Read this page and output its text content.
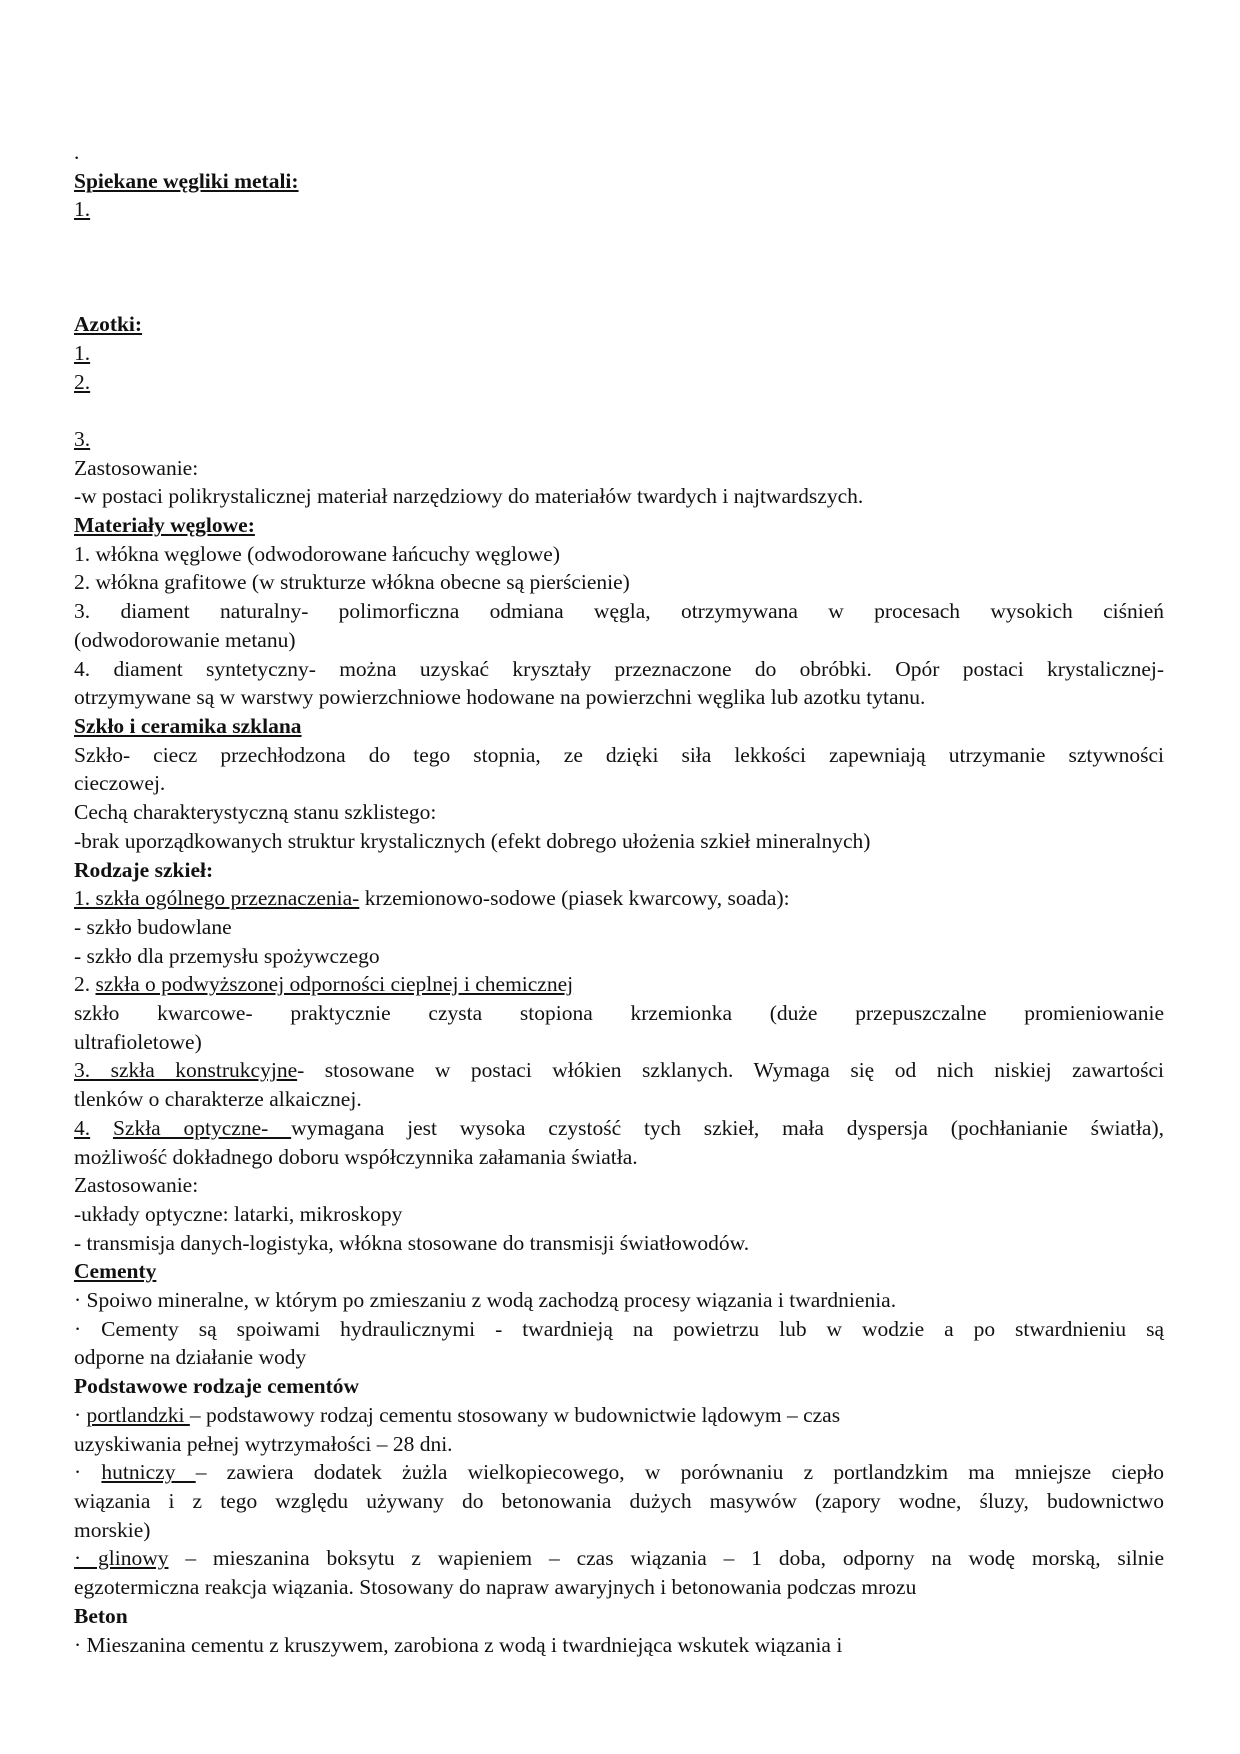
.
Spiekane węgliki metali:
1.
Azotki:
1.
2.
3.
Zastosowanie:
-w postaci polikrystalicznej materiał narzędziowy do materiałów twardych i najtwardszych.
Materiały węglowe:
1. włókna węglowe (odwodorowane łańcuchy węglowe)
2. włókna grafitowe (w strukturze włókna obecne są pierścienie)
3. diament naturalny- polimorficzna odmiana węgla, otrzymywana w procesach wysokich ciśnień
(odwodorowanie metanu)
4. diament syntetyczny- można uzyskać kryształy przeznaczone do obróbki. Opór postaci krystalicznej-
otrzymywane są w warstwy powierzchniowe hodowane na powierzchni węglika lub azotku tytanu.
Szkło i ceramika szklana
Szkło- ciecz przechłodzona do tego stopnia, ze dzięki siła lekkości zapewniają utrzymanie sztywności
cieczowej.
Cechą charakterystyczną stanu szklistego:
-brak uporządkowanych struktur krystalicznych (efekt dobrego ułożenia szkieł mineralnych)
Rodzaje szkieł:
1. szkła ogólnego przeznaczenia- krzemionowo-sodowe (piasek kwarcowy, soada):
- szkło budowlane
- szkło dla przemysłu spożywczego
2. szkła o podwyższonej odporności cieplnej i chemicznej
szkło kwarcowe- praktycznie czysta stopiona krzemionka (duże przepuszczalne promieniowanie
ultrafioletowe)
3. szkła konstrukcyjne- stosowane w postaci włókien szklanych. Wymaga się od nich niskiej zawartości
tlenków o charakterze alkaicznej.
4. Szkła optyczne- wymagana jest wysoka czystość tych szkieł, mała dyspersja (pochłanianie światła),
możliwość dokładnego doboru współczynnika załamania światła.
Zastosowanie:
-układy optyczne: latarki, mikroskopy
- transmisja danych-logistyka, włókna stosowane do transmisji światłowodów.
Cementy
· Spoiwo mineralne, w którym po zmieszaniu z wodą zachodzą procesy wiązania i twardnienia.
· Cementy są spoiwami hydraulicznymi - twardnieją na powietrzu lub w wodzie a po stwardnieniu są
odporne na działanie wody
Podstawowe rodzaje cementów
· portlandzki – podstawowy rodzaj cementu stosowany w budownictwie lądowym – czas
uzyskiwania pełnej wytrzymałości – 28 dni.
· hutniczy – zawiera dodatek żużla wielkopiecowego, w porównaniu z portlandzkim ma mniejsze ciepło
wiązania i z tego względu używany do betonowania dużych masywów (zapory wodne, śluzy, budownictwo
morskie)
· glinowy – mieszanina boksytu z wapieniem – czas wiązania – 1 doba, odporny na wodę morską, silnie
egzotermiczna reakcja wiązania. Stosowany do napraw awaryjnych i betonowania podczas mrozu
Beton
· Mieszanina cementu z kruszywem, zarobiona z wodą i twardniejąca wskutek wiązania i
